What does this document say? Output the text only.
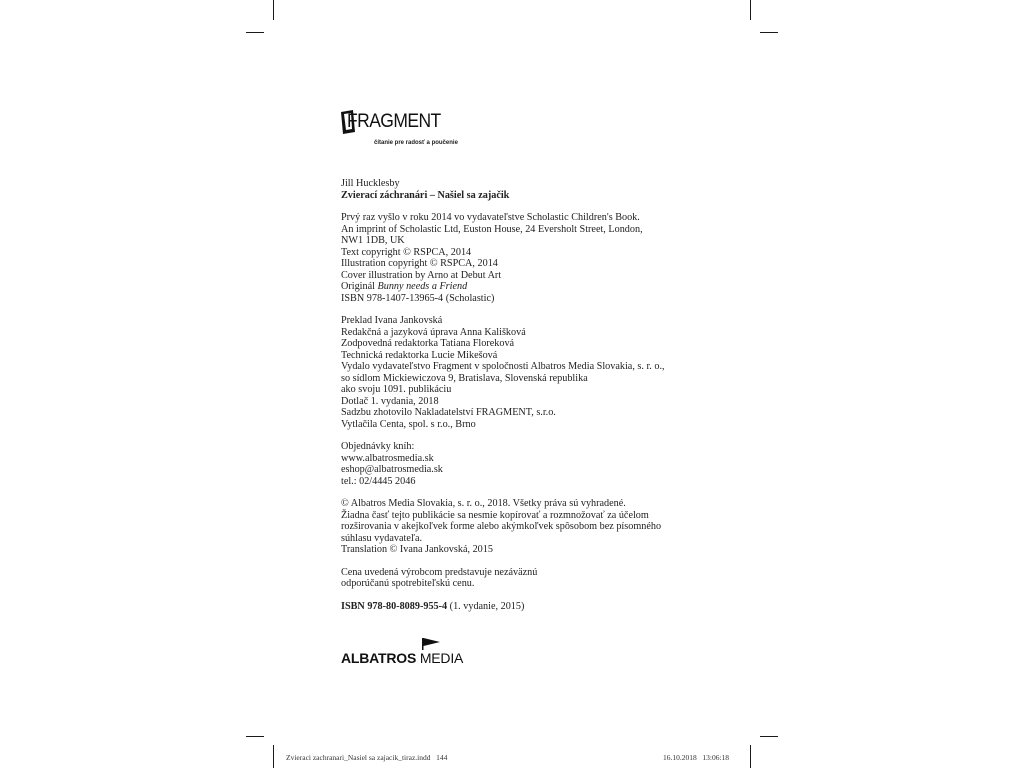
FRAGMENT
čítanie pre radosť a poučenie
Jill Hucklesby
Zvierací záchranári – Našiel sa zajačik
Prvý raz vyšlo v roku 2014 vo vydavateľstve Scholastic Children's Book.
An imprint of Scholastic Ltd, Euston House, 24 Eversholt Street, London,
NW1 1DB, UK
Text copyright © RSPCA, 2014
Illustration copyright © RSPCA, 2014
Cover illustration by Arno at Debut Art
Originál Bunny needs a Friend
ISBN 978-1407-13965-4 (Scholastic)
Preklad Ivana Jankovská
Redakčná a jazyková úprava Anna Kališková
Zodpovedná redaktorka Tatiana Floreková
Technická redaktorka Lucie Mikešová
Vydalo vydavateľstvo Fragment v spoločnosti Albatros Media Slovakia, s. r. o.,
so sídlom Mickiewiczova 9, Bratislava, Slovenská republika
ako svoju 1091. publikáciu
Dotlač 1. vydania, 2018
Sadzbu zhotovilo Nakladatelství FRAGMENT, s.r.o.
Vytlačila Centa, spol. s r.o., Brno
Objednávky kníh:
www.albatrosmedia.sk
eshop@albatrosmedia.sk
tel.: 02/4445 2046
© Albatros Media Slovakia, s. r. o., 2018. Všetky práva sú vyhradené.
Žiadna časť tejto publikácie sa nesmie kopírovať a rozmnožovať za účelom
rozširovania v akejkoľvek forme alebo akýmkoľvek spôsobom bez písomného
súhlasu vydavateľa.
Translation © Ivana Jankovská, 2015
Cena uvedená výrobcom predstavuje nezáväznú
odporúčanú spotrebiteľskú cenu.
ISBN 978-80-8089-955-4 (1. vydanie, 2015)
ALBATROS MEDIA
Zvieraci zachranari_Nasiel sa zajacik_tiraz.indd   144	16.10.2018   13:06:18
